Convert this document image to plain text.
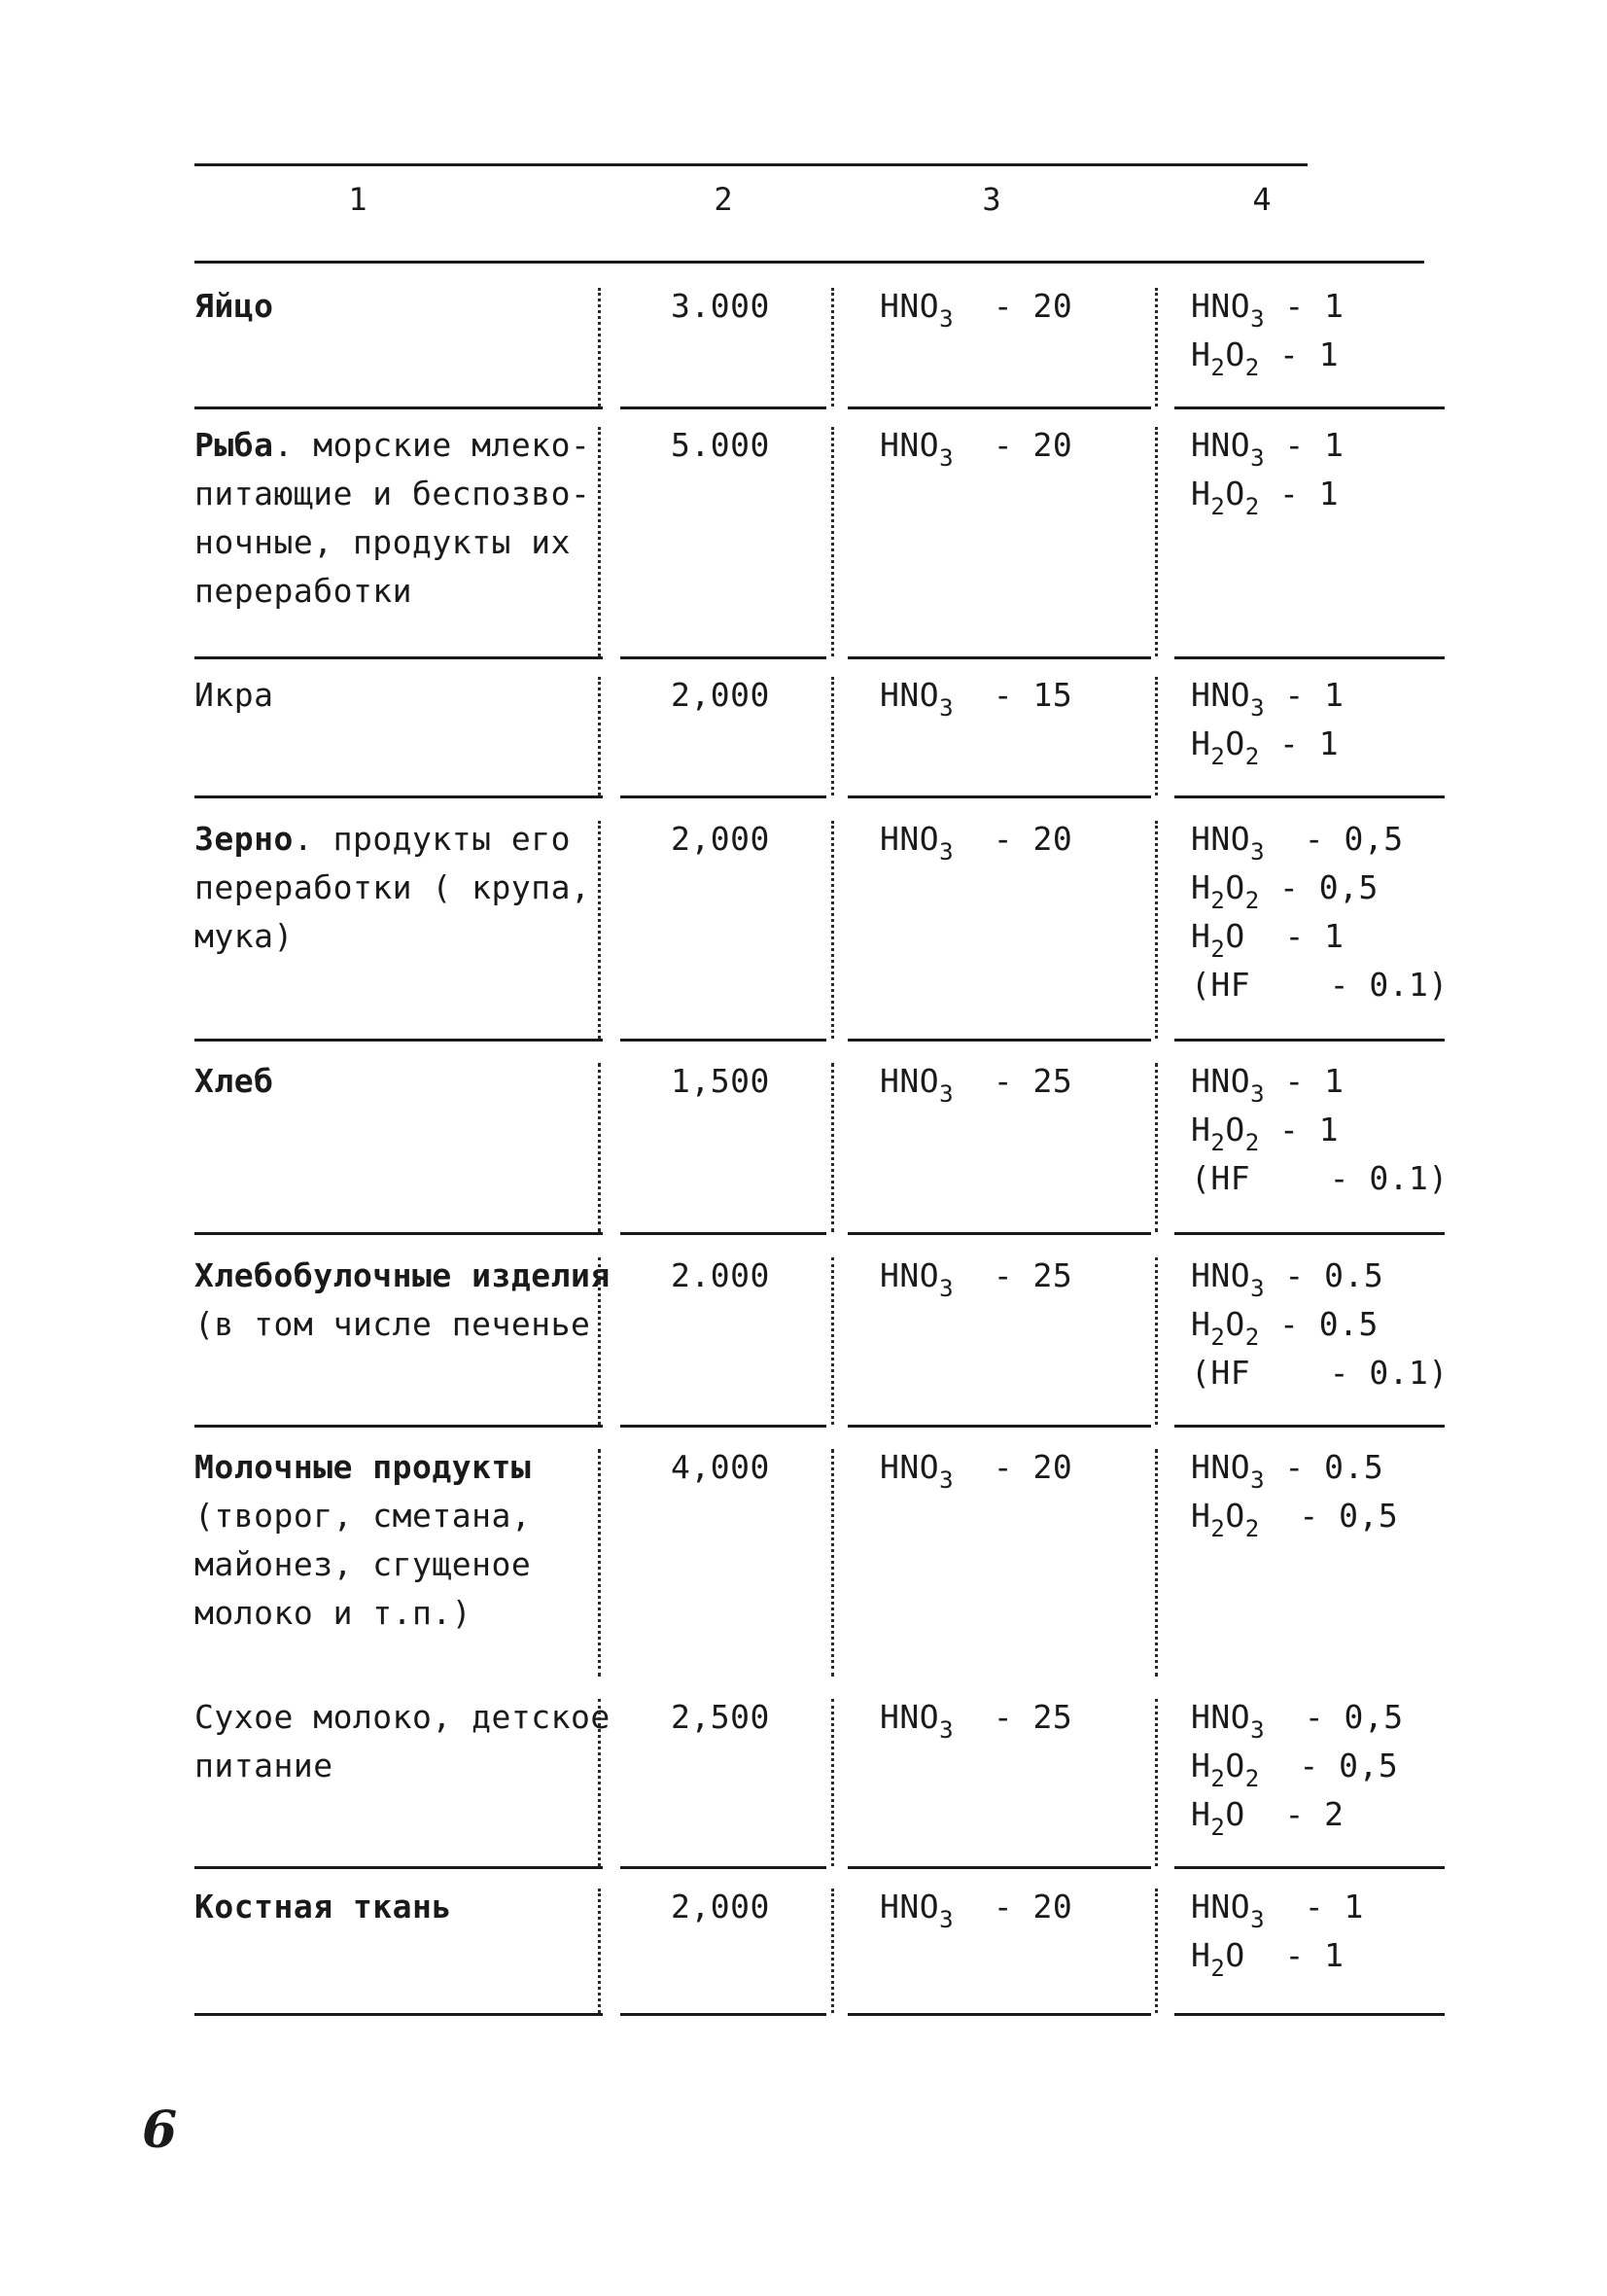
1	2	3	4
Яйцо	3.000	$HNO_3 - 20$	$HNO_3 - 1$
$H_2O_2 - 1$
Рыба. морские млеко-
питающие и беспозво-
ночные, продукты их
переработки
5.000	$HNO_3 - 20$	$HNO_3 - 1$
$H_2O_2 - 1$
Икра	2,000	$HNO_3 - 15$	$HNO_3 - 1$
$H_2O_2 - 1$
Зерно. продукты его
переработки ( крупа,
мука)
2,000	$HNO_3 - 20$	$HNO_3 - 0,5$
$H_2O_2 - 0,5$
$H_2O - 1$
(HF    - 0.1)
Хлеб	1,500	$HNO_3 - 25$	$HNO_3 - 1$
$H_2O_2 - 1$
(HF    - 0.1)
Хлебобулочные изделия
(в том числе печенье
2.000	$HNO_3 - 25$	$HNO_3 - 0.5$
$H_2O_2 - 0.5$
(HF    - 0.1)
Молочные продукты
(творог, сметана,
майонез, сгущеное
молоко и т.п.)
4,000	$HNO_3 - 20$	$HNO_3 - 0.5$
$H_2O_2 - 0,5$
Сухое молоко, детское
питание
2,500	$HNO_3 - 25$	$HNO_3 - 0,5$
$H_2O_2 - 0,5$
$H_2O - 2$
Костная ткань	2,000	$HNO_3 - 20$	$HNO_3 - 1$
$H_2O - 1$
6
